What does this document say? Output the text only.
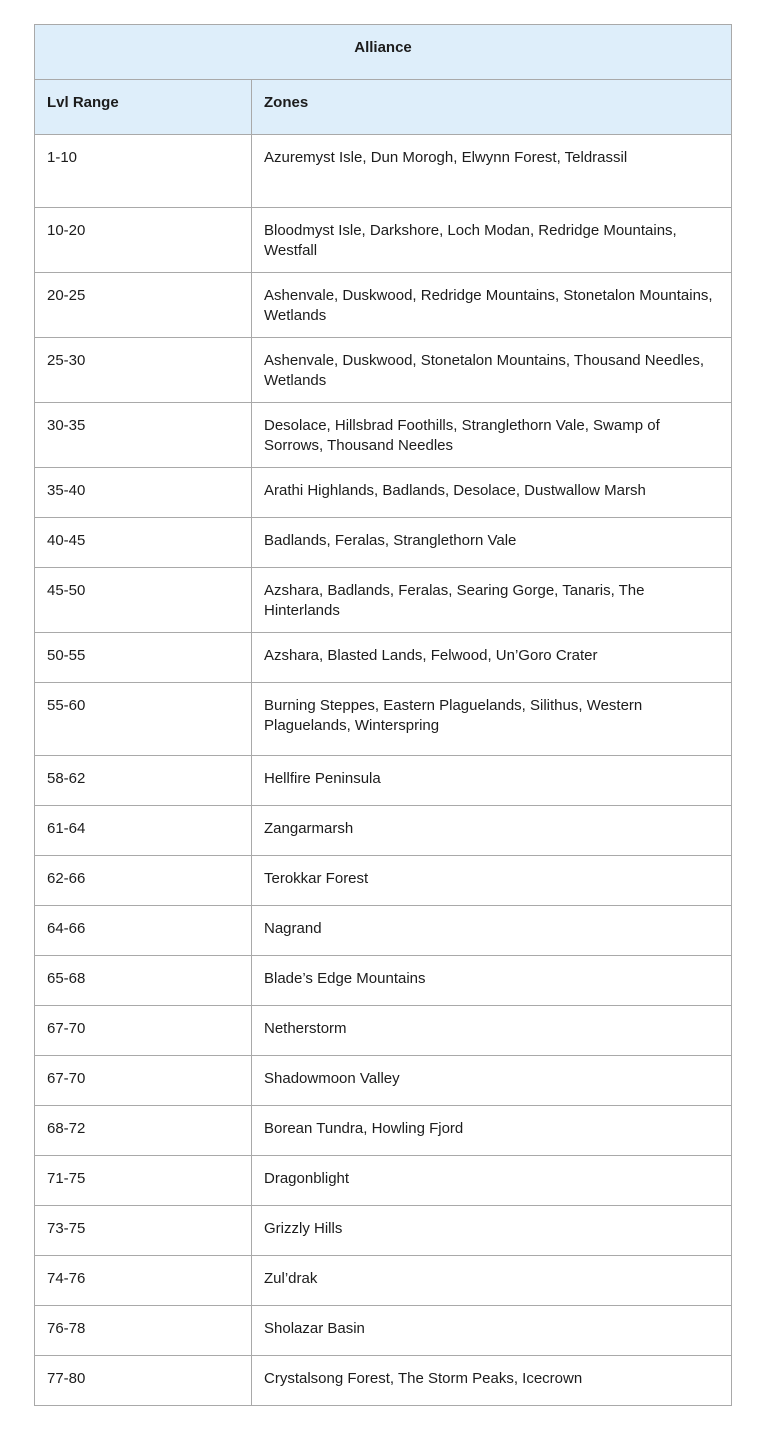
Alliance	
Lvl Range	Zones
1-10	Azuremyst Isle, Dun Morogh, Elwynn Forest, Teldrassil
10-20	Bloodmyst Isle, Darkshore, Loch Modan, Redridge Mountains, Westfall
20-25	Ashenvale, Duskwood, Redridge Mountains, Stonetalon Mountains, Wetlands
25-30	Ashenvale, Duskwood, Stonetalon Mountains, Thousand Needles, Wetlands
30-35	Desolace, Hillsbrad Foothills, Stranglethorn Vale, Swamp of Sorrows, Thousand Needles
35-40	Arathi Highlands, Badlands, Desolace, Dustwallow Marsh
40-45	Badlands, Feralas, Stranglethorn Vale
45-50	Azshara, Badlands, Feralas, Searing Gorge, Tanaris, The Hinterlands
50-55	Azshara, Blasted Lands, Felwood, Un’Goro Crater
55-60	Burning Steppes, Eastern Plaguelands, Silithus, Western Plaguelands, Winterspring
58-62	Hellfire Peninsula
61-64	Zangarmarsh
62-66	Terokkar Forest
64-66	Nagrand
65-68	Blade’s Edge Mountains
67-70	Netherstorm
67-70	Shadowmoon Valley
68-72	Borean Tundra, Howling Fjord
71-75	Dragonblight
73-75	Grizzly Hills
74-76	Zul’drak
76-78	Sholazar Basin
77-80	Crystalsong Forest, The Storm Peaks, Icecrown
